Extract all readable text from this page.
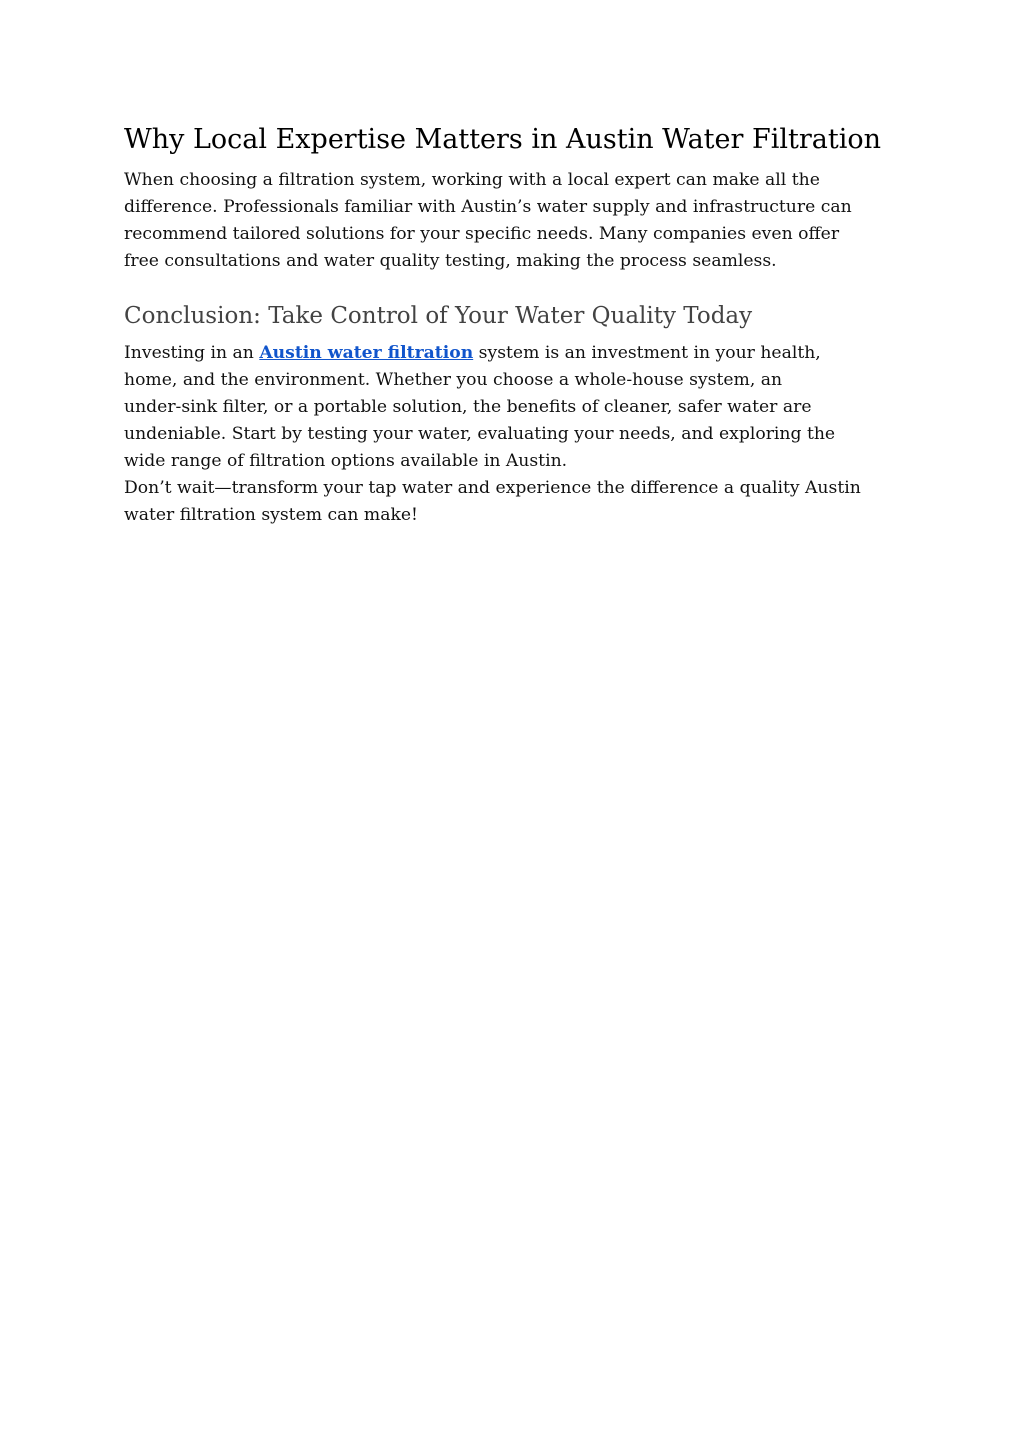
Why Local Expertise Matters in Austin Water Filtration

When choosing a filtration system, working with a local expert can make all the
difference. Professionals familiar with Austin’s water supply and infrastructure can
recommend tailored solutions for your specific needs. Many companies even offer
free consultations and water quality testing, making the process seamless.

Conclusion: Take Control of Your Water Quality Today

Investing in an Austin water filtration system is an investment in your health,
home, and the environment. Whether you choose a whole-house system, an
under-sink filter, or a portable solution, the benefits of cleaner, safer water are
undeniable. Start by testing your water, evaluating your needs, and exploring the
wide range of filtration options available in Austin.

Don’t wait—transform your tap water and experience the difference a quality Austin
water filtration system can make!
